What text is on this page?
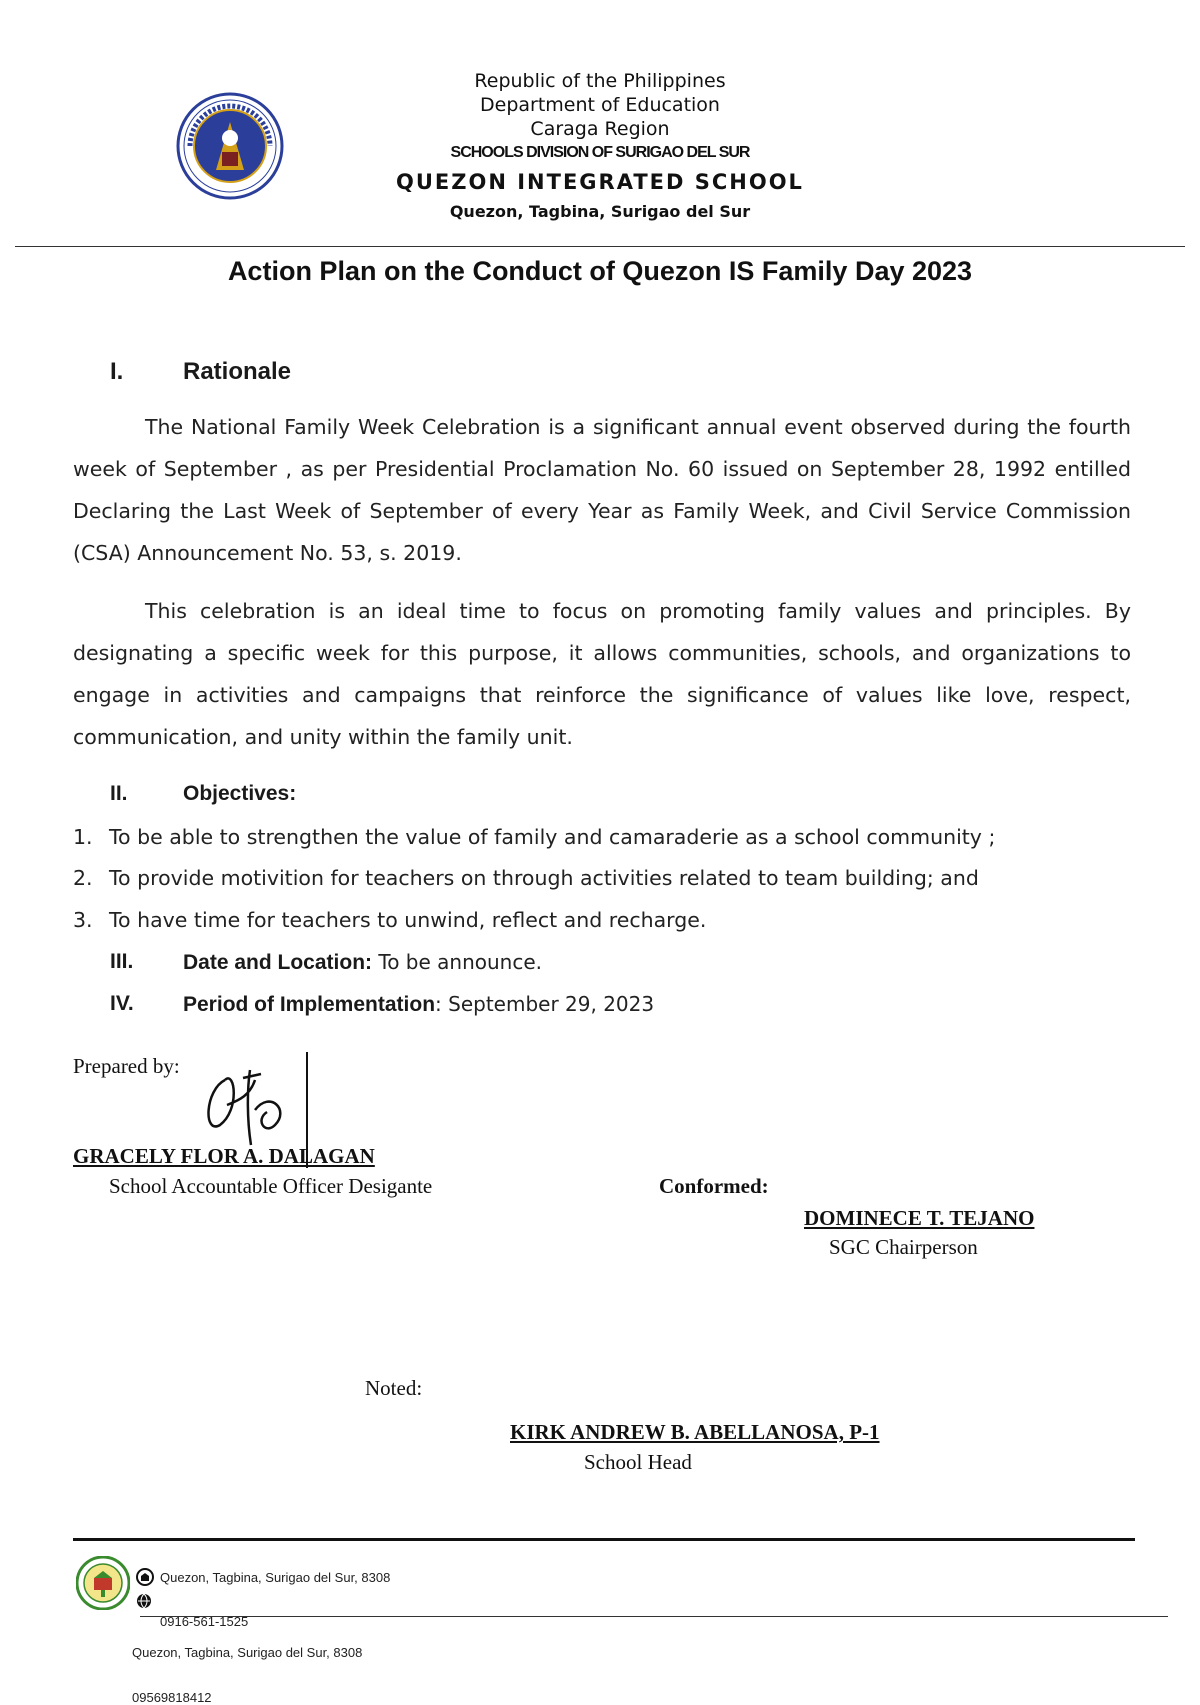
Republic of the Philippines
Department of Education
Caraga Region
SCHOOLS DIVISION OF SURIGAO DEL SUR
QUEZON INTEGRATED SCHOOL
Quezon, Tagbina, Surigao del Sur
Action Plan on the Conduct of Quezon IS Family Day 2023
I. Rationale
The National Family Week Celebration is a significant annual event observed during the fourth week of September , as per Presidential Proclamation No. 60 issued on September 28, 1992 entilled Declaring the Last Week of September of every Year as Family Week, and Civil Service Commission (CSA) Announcement No. 53, s. 2019.
This celebration is an ideal time to focus on promoting family values and principles. By designating a specific week for this purpose, it allows communities, schools, and organizations to engage in activities and campaigns that reinforce the significance of values like love, respect, communication, and unity within the family unit.
II.	Objectives:
1. To be able to strengthen the value of family and camaraderie as a school community ;
2. To provide motivition for teachers on through activities related to team building; and
3. To have time for teachers to unwind, reflect and recharge.
III. Date and Location: To be announce.
IV. Period of Implementation: September 29, 2023
Prepared by:
GRACELY FLOR A. DALAGAN
School Accountable Officer Desigante	Conformed:
DOMINECE T. TEJANO
SGC Chairperson
Noted:
KIRK ANDREW B. ABELLANOSA, P-1
School Head
Quezon, Tagbina, Surigao del Sur, 8308
0916-561-1525
Quezon, Tagbina, Surigao del Sur, 8308
09569818412
